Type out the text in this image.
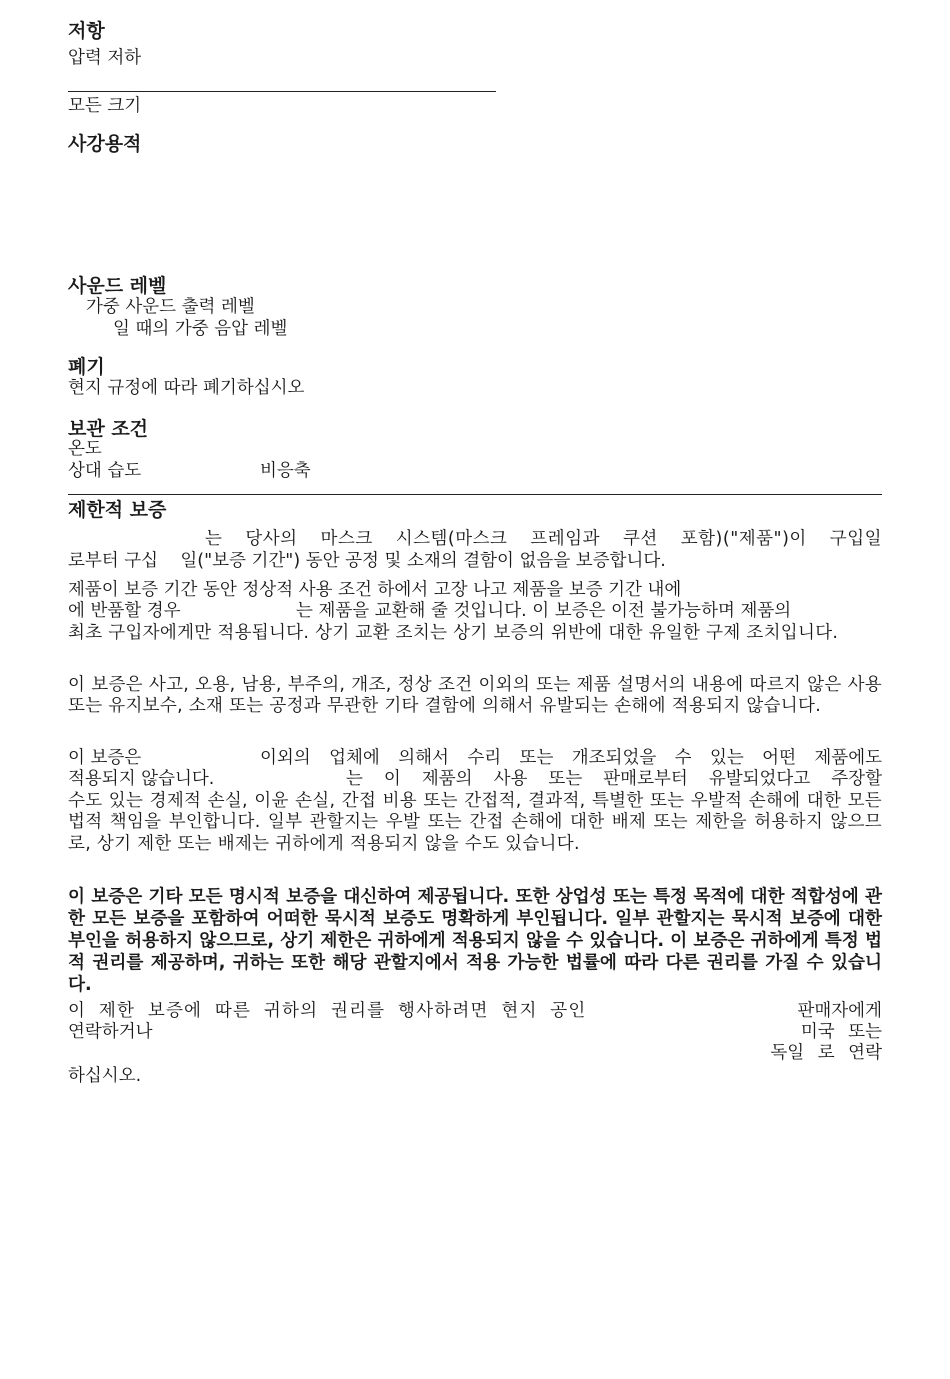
저항
압력 저하
모든 크기
사강용적
사운드 레벨
가중 사운드 출력 레벨
일 때의 가중 음압 레벨
폐기
현지 규정에 따라 폐기하십시오
보관 조건
온도
상대 습도	비응축
제한적 보증
는 당사의 마스크 시스템(마스크 프레임과 쿠션 포함)("제품")이 구입일
로부터 구십    일("보증 기간") 동안 공정 및 소재의 결함이 없음을 보증합니다.
제품이 보증 기간 동안 정상적 사용 조건 하에서 고장 나고 제품을 보증 기간 내에
에 반품할 경우	는 제품을 교환해 줄 것입니다. 이 보증은 이전 불가능하며 제품의

최초 구입자에게만 적용됩니다. 상기 교환 조치는 상기 보증의 위반에 대한 유일한 구제 조치입니다.

이 보증은 사고, 오용, 남용, 부주의, 개조, 정상 조건 이외의 또는 제품 설명서의 내용에 따르지 않은 사용 또는 유지보수, 소재 또는 공정과 무관한 기타 결함에 의해서 유발되는 손해에 적용되지 않습니다.

이 보증은	이외의 업체에 의해서 수리 또는 개조되었을 수 있는 어떤 제품에도
적용되지 않습니다.	는 이 제품의 사용 또는 판매로부터 유발되었다고 주장할

수도 있는 경제적 손실, 이윤 손실, 간접 비용 또는 간접적, 결과적, 특별한 또는 우발적 손해에 대한 모든 법적 책임을 부인합니다. 일부 관할지는 우발 또는 간접 손해에 대한 배제 또는 제한을 허용하지 않으므로, 상기 제한 또는 배제는 귀하에게 적용되지 않을 수도 있습니다.

이 보증은 기타 모든 명시적 보증을 대신하여 제공됩니다. 또한 상업성 또는 특정 목적에 대한 적합성에 관한 모든 보증을 포함하여 어떠한 묵시적 보증도 명확하게 부인됩니다. 일부 관할지는 묵시적 보증에 대한 부인을 허용하지 않으므로, 상기 제한은 귀하에게 적용되지 않을 수 있습니다. 이 보증은 귀하에게 특정 법적 권리를 제공하며, 귀하는 또한 해당 관할지에서 적용 가능한 법률에 따라 다른 권리를 가질 수 있습니다.

이 제한 보증에 따른 귀하의 권리를 행사하려면 현지 공인	판매자에게
연락하거나	미국 또는
독일 로 연락
하십시오.
